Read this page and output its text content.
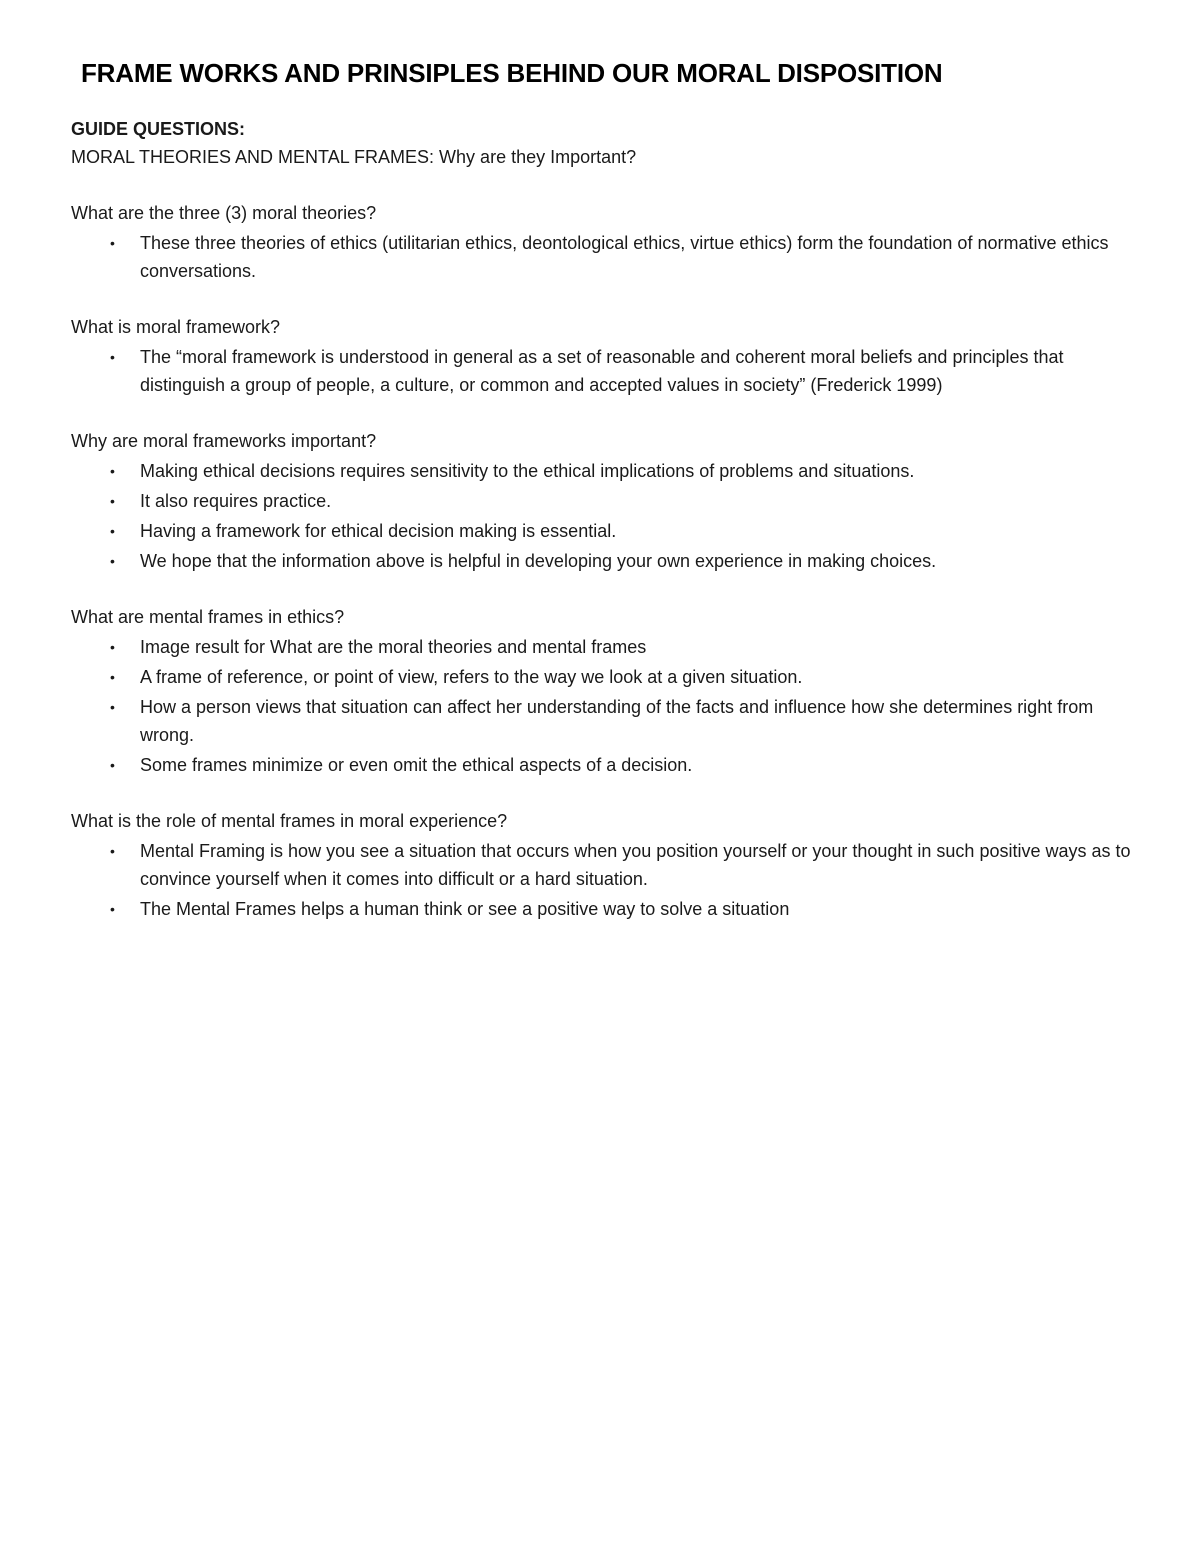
FRAME WORKS AND PRINSIPLES BEHIND OUR MORAL DISPOSITION

GUIDE QUESTIONS:

MORAL THEORIES AND MENTAL FRAMES: Why are they Important?

What are the three (3) moral theories?

• These three theories of ethics (utilitarian ethics, deontological ethics, virtue ethics) form the foundation of normative ethics conversations.

What is moral framework?

• The “moral framework is understood in general as a set of reasonable and coherent moral beliefs and principles that distinguish a group of people, a culture, or common and accepted values in society” (Frederick 1999)

Why are moral frameworks important?

• Making ethical decisions requires sensitivity to the ethical implications of problems and situations.
• It also requires practice.
• Having a framework for ethical decision making is essential.
• We hope that the information above is helpful in developing your own experience in making choices.

What are mental frames in ethics?

• Image result for What are the moral theories and mental frames
• A frame of reference, or point of view, refers to the way we look at a given situation.
• How a person views that situation can affect her understanding of the facts and influence how she determines right from wrong.
• Some frames minimize or even omit the ethical aspects of a decision.

What is the role of mental frames in moral experience?

• Mental Framing is how you see a situation that occurs when you position yourself or your thought in such positive ways as to convince yourself when it comes into difficult or a hard situation.
• The Mental Frames helps a human think or see a positive way to solve a situation
